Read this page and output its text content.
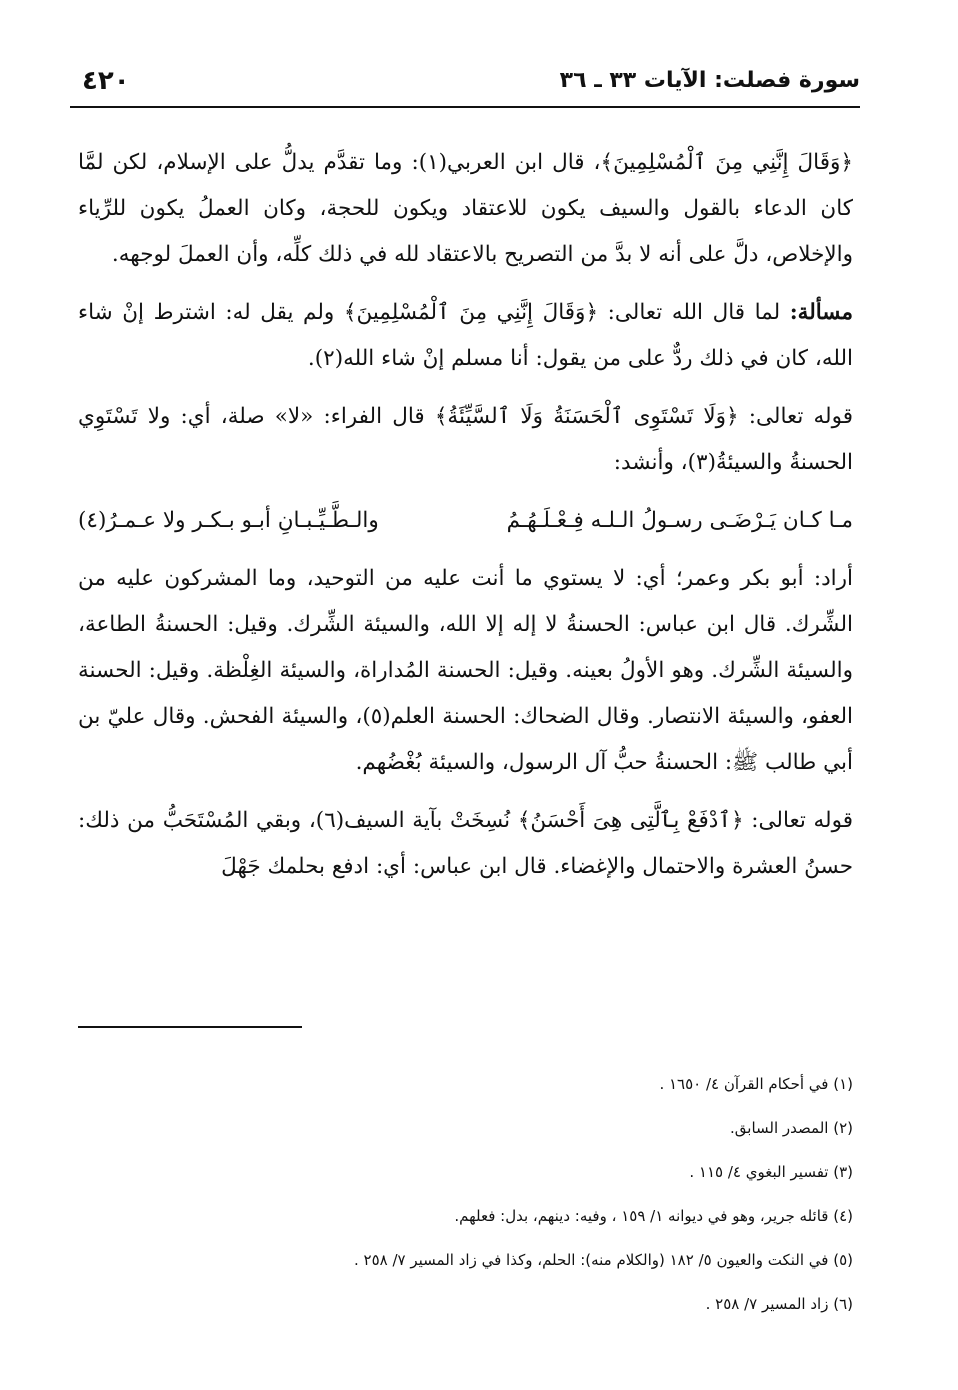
سورة فصلت: الآيات ٣٣ ـ ٣٦
٤٢٠

﴿وَقَالَ إِنَّنِي مِنَ ٱلْمُسْلِمِينَ﴾، قال ابن العربي(١): وما تقدَّم يدلُّ على الإسلام، لكن لمَّا كان الدعاء بالقول والسيف يكون للاعتقاد ويكون للحجة، وكان العملُ يكون للرِّياء والإخلاص، دلَّ على أنه لا بدَّ من التصريح بالاعتقاد لله في ذلك كلِّه، وأن العملَ لوجهه.

مسألة: لما قال الله تعالى: ﴿وَقَالَ إِنَّنِي مِنَ ٱلْمُسْلِمِينَ﴾ ولم يقل له: اشترط إنْ شاء الله، كان في ذلك ردٌّ على من يقول: أنا مسلم إنْ شاء الله(٢).

قوله تعالى: ﴿وَلَا تَسْتَوِى ٱلْحَسَنَةُ وَلَا ٱلسَّيِّئَةُ﴾ قال الفراء: «لا» صلة، أي: ولا تَسْتَوِي الحسنةُ والسيئةُ(٣)، وأنشد:

مـا كـان يَـرْضَـى رسـولُ الـلـه فِـعْـلَـهُـمُ
والـطَّـيِّـبـانِ أبـو بـكـر ولا عـمـرُ(٤)

أراد: أبو بكر وعمر؛ أي: لا يستوي ما أنت عليه من التوحيد، وما المشركون عليه من الشِّرك. قال ابن عباس: الحسنةُ لا إله إلا الله، والسيئة الشِّرك. وقيل: الحسنةُ الطاعة، والسيئة الشِّرك. وهو الأولُ بعينه. وقيل: الحسنة المُداراة، والسيئة الغِلْظة. وقيل: الحسنة العفو، والسيئة الانتصار. وقال الضحاك: الحسنة العلم(٥)، والسيئة الفحش. وقال عليّ بن أبي طالب ﷺ: الحسنةُ حبُّ آل الرسول، والسيئة بُغْضُهم.

قوله تعالى: ﴿ٱدْفَعْ بِٱلَّتِى هِىَ أَحْسَنُ﴾ نُسِخَتْ بآية السيف(٦)، وبقي المُسْتَحَبُّ من ذلك: حسنُ العشرة والاحتمال والإغضاء. قال ابن عباس: أي: ادفع بحلمك جَهْلَ

(١) في أحكام القرآن ٤/ ١٦٥٠ .
(٢) المصدر السابق.
(٣) تفسير البغوي ٤/ ١١٥ .
(٤) قائله جرير، وهو في ديوانه ١/ ١٥٩ ، وفيه: دينهم، بدل: فعلهم.
(٥) في النكت والعيون ٥/ ١٨٢ (والكلام منه): الحلم، وكذا في زاد المسير ٧/ ٢٥٨ .
(٦) زاد المسير ٧/ ٢٥٨ .
